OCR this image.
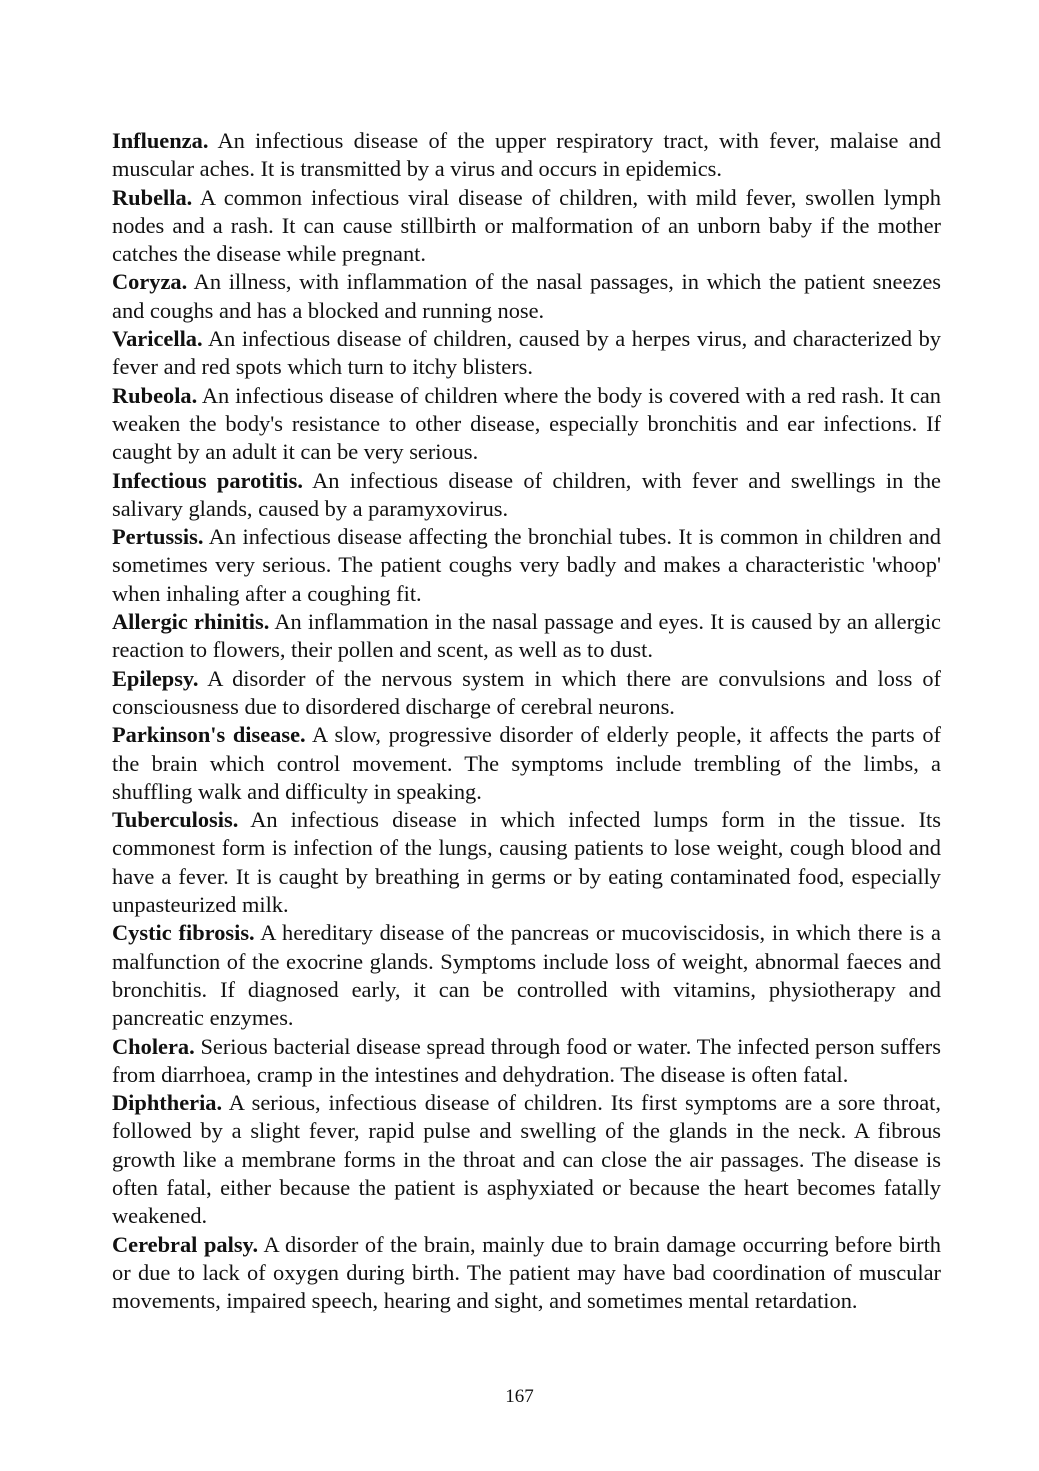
Influenza. An infectious disease of the upper respiratory tract, with fever, malaise and muscular aches. It is transmitted by a virus and occurs in epidemics.

Rubella. A common infectious viral disease of children, with mild fever, swollen lymph nodes and a rash. It can cause stillbirth or malformation of an unborn baby if the mother catches the disease while pregnant.

Coryza. An illness, with inflammation of the nasal passages, in which the patient sneezes and coughs and has a blocked and running nose.

Varicella. An infectious disease of children, caused by a herpes virus, and characterized by fever and red spots which turn to itchy blisters.

Rubeola. An infectious disease of children where the body is covered with a red rash. It can weaken the body's resistance to other disease, especially bronchitis and ear infections. If caught by an adult it can be very serious.

Infectious parotitis. An infectious disease of children, with fever and swellings in the salivary glands, caused by a paramyxovirus.

Pertussis. An infectious disease affecting the bronchial tubes. It is common in children and sometimes very serious. The patient coughs very badly and makes a characteristic 'whoop' when inhaling after a coughing fit.

Allergic rhinitis. An inflammation in the nasal passage and eyes. It is caused by an allergic reaction to flowers, their pollen and scent, as well as to dust.

Epilepsy. A disorder of the nervous system in which there are convulsions and loss of consciousness due to disordered discharge of cerebral neurons.

Parkinson's disease. A slow, progressive disorder of elderly people, it affects the parts of the brain which control movement. The symptoms include trembling of the limbs, a shuffling walk and difficulty in speaking.

Tuberculosis. An infectious disease in which infected lumps form in the tissue. Its commonest form is infection of the lungs, causing patients to lose weight, cough blood and have a fever. It is caught by breathing in germs or by eating contaminated food, especially unpasteurized milk.

Cystic fibrosis. A hereditary disease of the pancreas or mucoviscidosis, in which there is a malfunction of the exocrine glands. Symptoms include loss of weight, abnormal faeces and bronchitis. If diagnosed early, it can be controlled with vitamins, physiotherapy and pancreatic enzymes.

Cholera. Serious bacterial disease spread through food or water. The infected person suffers from diarrhoea, cramp in the intestines and dehydration. The disease is often fatal.

Diphtheria. A serious, infectious disease of children. Its first symptoms are a sore throat, followed by a slight fever, rapid pulse and swelling of the glands in the neck. A fibrous growth like a membrane forms in the throat and can close the air passages. The disease is often fatal, either because the patient is asphyxiated or because the heart becomes fatally weakened.

Cerebral palsy. A disorder of the brain, mainly due to brain damage occurring before birth or due to lack of oxygen during birth. The patient may have bad coordination of muscular movements, impaired speech, hearing and sight, and sometimes mental retardation.

167
